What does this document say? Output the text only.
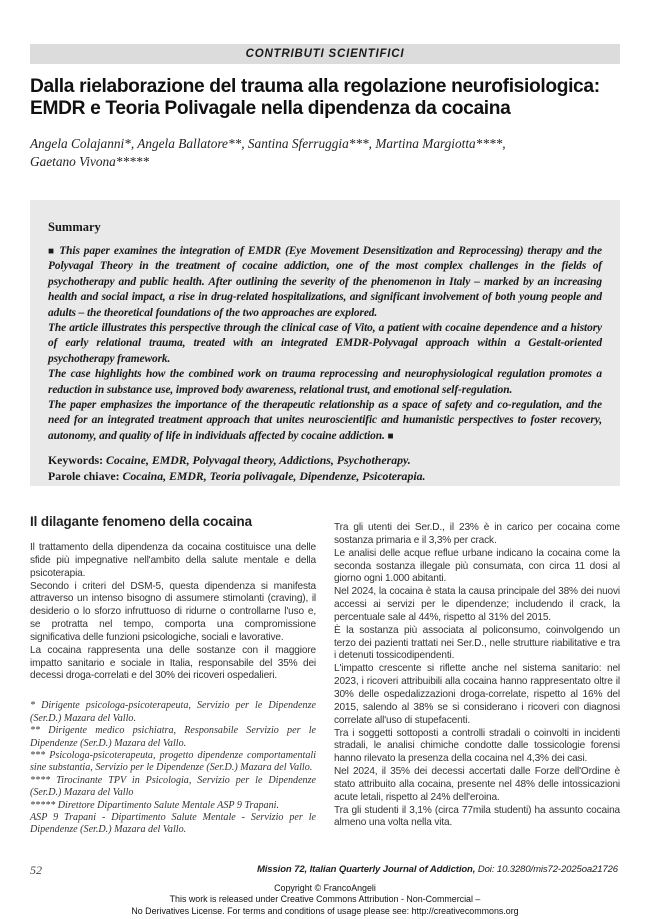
CONTRIBUTI SCIENTIFICI
Dalla rielaborazione del trauma alla regolazione neurofisiologica:
EMDR e Teoria Polivagale nella dipendenza da cocaina
Angela Colajanni*, Angela Ballatore**, Santina Sferruggia***, Martina Margiotta****,
Gaetano Vivona*****
Summary

■ This paper examines the integration of EMDR (Eye Movement Desensitization and Reprocessing) therapy and the Polyvagal Theory in the treatment of cocaine addiction, one of the most complex challenges in the fields of psychotherapy and public health. After outlining the severity of the phenomenon in Italy – marked by an increasing health and social impact, a rise in drug-related hospitalizations, and significant involvement of both young people and adults – the theoretical foundations of the two approaches are explored.

The article illustrates this perspective through the clinical case of Vito, a patient with cocaine dependence and a history of early relational trauma, treated with an integrated EMDR-Polyvagal approach within a Gestalt-oriented psychotherapy framework.

The case highlights how the combined work on trauma reprocessing and neurophysiological regulation promotes a reduction in substance use, improved body awareness, relational trust, and emotional self-regulation.

The paper emphasizes the importance of the therapeutic relationship as a space of safety and co-regulation, and the need for an integrated treatment approach that unites neuroscientific and humanistic perspectives to foster recovery, autonomy, and quality of life in individuals affected by cocaine addiction. ■

Keywords: Cocaine, EMDR, Polyvagal theory, Addictions, Psychotherapy.
Parole chiave: Cocaina, EMDR, Teoria polivagale, Dipendenze, Psicoterapia.
Il dilagante fenomeno della cocaina

Il trattamento della dipendenza da cocaina costituisce una delle sfide più impegnative nell'ambito della salute mentale e della psicoterapia.

Secondo i criteri del DSM-5, questa dipendenza si manifesta attraverso un intenso bisogno di assumere stimolanti (craving), il desiderio o lo sforzo infruttuoso di ridurne o controllarne l'uso e, se protratta nel tempo, comporta una compromissione significativa delle funzioni psicologiche, sociali e lavorative.

La cocaina rappresenta una delle sostanze con il maggiore impatto sanitario e sociale in Italia, responsabile del 35% dei decessi droga-correlati e del 30% dei ricoveri ospedalieri.

* Dirigente psicologa-psicoterapeuta, Servizio per le Dipendenze (Ser.D.) Mazara del Vallo.

** Dirigente medico psichiatra, Responsabile Servizio per le Dipendenze (Ser.D.) Mazara del Vallo.

*** Psicologa-psicoterapeuta, progetto dipendenze comportamentali sine substantia, Servizio per le Dipendenze (Ser.D.) Mazara del Vallo.

**** Tirocinante TPV in Psicologia, Servizio per le Dipendenze (Ser.D.) Mazara del Vallo

***** Direttore Dipartimento Salute Mentale ASP 9 Trapani.

ASP 9 Trapani - Dipartimento Salute Mentale - Servizio per le Dipendenze (Ser.D.) Mazara del Vallo.

Tra gli utenti dei Ser.D., il 23% è in carico per cocaina come sostanza primaria e il 3,3% per crack.

Le analisi delle acque reflue urbane indicano la cocaina come la seconda sostanza illegale più consumata, con circa 11 dosi al giorno ogni 1.000 abitanti.

Nel 2024, la cocaina è stata la causa principale del 38% dei nuovi accessi ai servizi per le dipendenze; includendo il crack, la percentuale sale al 44%, rispetto al 31% del 2015.

È la sostanza più associata al policonsumo, coinvolgendo un terzo dei pazienti trattati nei Ser.D., nelle strutture riabilitative e tra i detenuti tossicodipendenti.

L'impatto crescente si riflette anche nel sistema sanitario: nel 2023, i ricoveri attribuibili alla cocaina hanno rappresentato oltre il 30% delle ospedalizzazioni droga-correlate, rispetto al 16% del 2015, salendo al 38% se si considerano i ricoveri con diagnosi correlate all'uso di stupefacenti.

Tra i soggetti sottoposti a controlli stradali o coinvolti in incidenti stradali, le analisi chimiche condotte dalle tossicologie forensi hanno rilevato la presenza della cocaina nel 4,3% dei casi.

Nel 2024, il 35% dei decessi accertati dalle Forze dell'Ordine è stato attribuito alla cocaina, presente nel 48% delle intossicazioni acute letali, rispetto al 24% dell'eroina.

Tra gli studenti il 3,1% (circa 77mila studenti) ha assunto cocaina almeno una volta nella vita.

52	Mission 72, Italian Quarterly Journal of Addiction, Doi: 10.3280/mis72-2025oa21726

Copyright © FrancoAngeli

This work is released under Creative Commons Attribution - Non-Commercial –

No Derivatives License. For terms and conditions of usage please see: http://creativecommons.org
